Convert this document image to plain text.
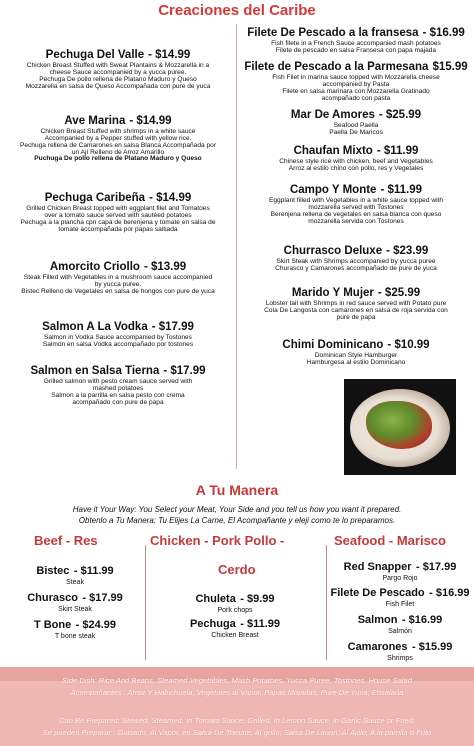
Creaciones del Caribe
Pechuga Del Valle - $14.99
Chicken Breast Stuffed with Sweat Plantains & Mozzarella in a
cheese Sauce accompanied by a yucca puree.
Pechuga De pollo rellena de Platano Maduro y Queso
Mozzarella en salsa de Queso Accompañada con pure de yuca
Ave Marina - $14.99
Chicken Breast Stuffed with shrimps in a white sauce
Accompanied by a Pepper stuffed with yellow rice.
Pechuga rellena de Camarones en salsa Blanca Accompañada por
un Ají Relleno de Arroz Amarillo
Puchuga De pollo rellena de Platano Maduro y Queso
Pechuga Caribeña - $14.99
Grilled Chicken Breast topped with eggplant filet and Tomatoes
over a tomato sauce served with sautéed potatoes
Pechuga a la plancha cpn capa de berenjena y tomate en salsa de
tomate accompañada por papas saltiada
Amorcito Criollo - $13.99
Steak Filled with Vegetables in a mushroom sauce accompanied
by yucca puree.
Bistec Relleno de Vegetales en salsa de hongos con pure de yuca
Salmon A La Vodka - $17.99
Salmon in Vodka Sauce accompanied by Tostones
Salmon en salsa Vodka accompañado por tostones
Salmon en Salsa Tierna - $17.99
Grilled salmon with pesto cream sauce served with
mashed potatoes
Salmon a la parrilla en salsa pesto con crema
acompañado con pure de papa
Filete De Pescado a la fransesa - $16.99
Fish filete in a French Sauce accompanied mash potatoes
Filete de pescado en salsa Fransesa con papa majada
Filete de Pescado a la Parmesana $15.99
Fish Filet in marina sauce topped with Mozzarella cheese
accompanied by Pasta
Filete en salsa marinara con Mozzarella Gratinado
acompañado con pasta
Mar De Amores - $25.99
Seafood Paella
Paella De Maricos
Chaufan Mixto - $11.99
Chinese style rice with chicken, beef and Vegetables
Arroz al estilo chino con pollo, res y Vegetales
Campo Y Monte - $11.99
Eggplant filled with Vegetables in a white sauce topped with
mozzarella served with Tostones
Berenjena rellena de vegetales en salsa blanca con queso
mozzarella servida con Tostones
Churrasco Deluxe - $23.99
Skirt Steak with Shrimps accompanied by yucca puree
Churasco y Camarones accompañado de pure de yuca
Marido Y Mujer - $25.99
Lobster tail with Shrimps in red sauce served with Potato pure
Cola De Langosta con camarones en salsa de roja servida con
pure de papa
Chimi Dominicano - $10.99
Dominican Style Hamburger
Hamburgesa al estilo Dominicano
A Tu Manera
Have it Your Way: You Select your Meat, Your Side and you tell us how you want it prepared.
Obtenlo a Tu Manera: Tu Elijes La Carne, El Acompañante y eleji como te lo preparamos.
Beef - Res
Bistec - $11.99
Steak
Churasco - $17.99
Skirt Steak
T Bone - $24.99
T bone steak
Chicken - Pork Pollo -
Cerdo
Chuleta - $9.99
Pork chops
Pechuga - $11.99
Chicken Breast
Seafood - Marisco
Red Snapper - $17.99
Pargo Rojo
Filete De Pescado - $16.99
Fish Filet
Salmon - $16.99
Salmón
Camarones - $15.99
Shrimps
Side Dish: Rice And Beans, Steamed Vegetables, Mash Potatoes, Yucca Puree, Tostones, House Salad
Acompañantes : Arroz Y Habichuela, Vegetales al Vapor, Papas Majadas, Pure De Yuca, Ensalada
Can Be Prepared: Stewed, Steamed, In Tomato Sauce, Grilled, In Lemon Sauce, in Garlic Sauce or Fried.
Se pueden Preparar : Guisado, Al Vapor, en Salsa De Tomate, Al grillo, Salsa De Limon, Al Ajillo, A la parrilla o Frito
